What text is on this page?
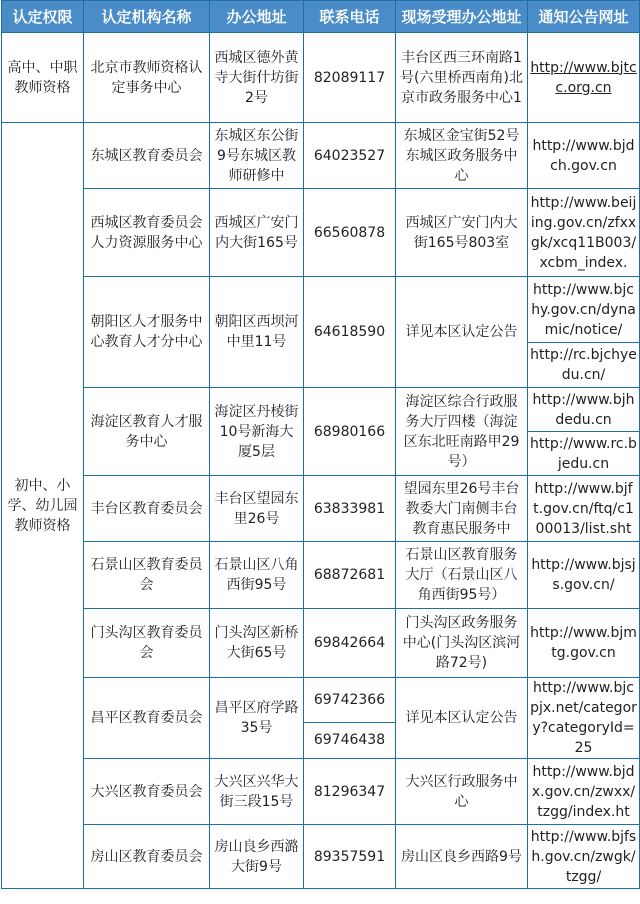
认定权限	认定机构名称	办公地址	联系电话	现场受理办公地址	通知公告网址
高中、中职教师资格	北京市教师资格认定事务中心	西城区德外黄寺大街什坊街2号	82089117	丰台区西三环南路1号(六里桥西南角)北京市政务服务中心1	http://www.bjtcc.org.cn
初中、小学、幼儿园教师资格	东城区教育委员会	东城区东公街9号东城区教师研修中	64023527	东城区金宝街52号东城区政务服务中心	http://www.bjdch.gov.cn
	西城区教育委员会人力资源服务中心	西城区广安门内大街165号	66560878	西城区广安门内大街165号803室	http://www.beijing.gov.cn/zfxxgk/xcq11B003/xcbm_index.
	朝阳区人才服务中心教育人才分中心	朝阳区西坝河中里11号	64618590	详见本区认定公告	http://www.bjchy.gov.cn/dynamic/notice/
					http://rc.bjchyedu.cn/
	海淀区教育人才服务中心	海淀区丹棱街10号新海大厦5层	68980166	海淀区综合行政服务大厅四楼（海淀区东北旺南路甲29号）	http://www.bjhdedu.cn
					http://www.rc.bjedu.cn
	丰台区教育委员会	丰台区望园东里26号	63833981	望园东里26号丰台教委大门南侧丰台教育惠民服务中	http://www.bjft.gov.cn/ftq/c100013/list.sht
	石景山区教育委员会	石景山区八角西街95号	68872681	石景山区教育服务大厅（石景山区八角西街95号）	http://www.bjsjs.gov.cn/
	门头沟区教育委员会	门头沟区新桥大街65号	69842664	门头沟区政务服务中心(门头沟区滨河路72号)	http://www.bjmtg.gov.cn
	昌平区教育委员会	昌平区府学路35号	69742366	详见本区认定公告	http://www.bjcpjx.net/category?categoryId=25
			69746438		
	大兴区教育委员会	大兴区兴华大街三段15号	81296347	大兴区行政服务中心	http://www.bjdx.gov.cn/zwxx/tzgg/index.ht
	房山区教育委员会	房山良乡西潞大街9号	89357591	房山区良乡西路9号	http://www.bjfsh.gov.cn/zwgk/tzgg/
